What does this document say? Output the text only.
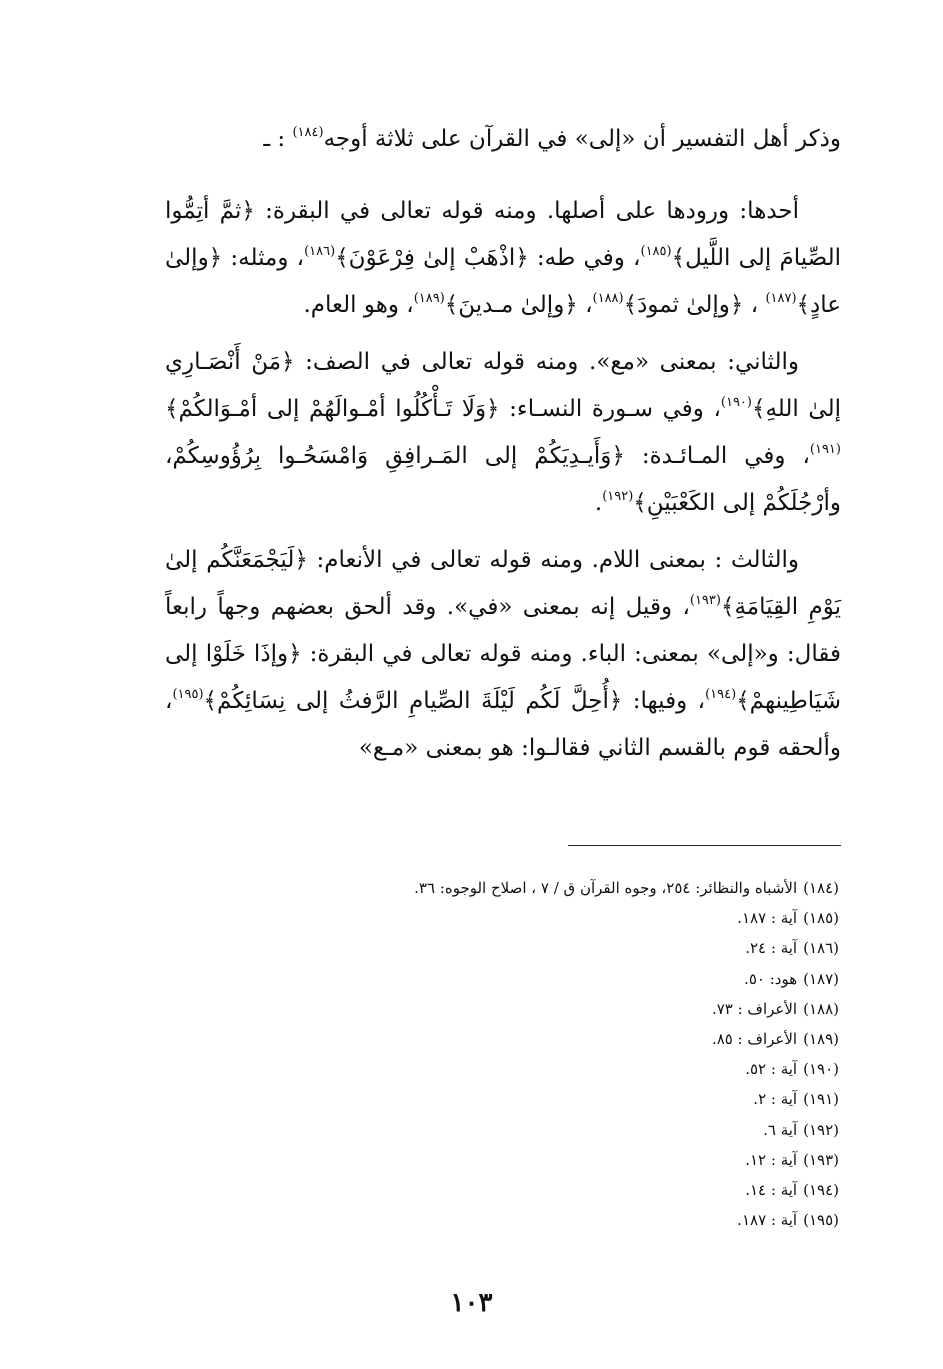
وذكر أهل التفسير أن «إلى» في القرآن على ثلاثة أوجه$^{(١٨٤)}$ : ـ

أحدها: ورودها على أصلها. ومنه قوله تعالى في البقرة: ﴿ثمَّ أتِمُّوا الصِّيامَ إلى اللَّيل﴾$^{(١٨٥)}$، وفي طه: ﴿اذْهَبْ إلىٰ فِرْعَوْنَ﴾$^{(١٨٦)}$، ومثله: ﴿وإلىٰ عادٍ﴾$^{(١٨٧)}$ ، ﴿وإلىٰ ثمودَ﴾$^{(١٨٨)}$، ﴿وإلىٰ مـدينَ﴾$^{(١٨٩)}$، وهو العام.

والثاني: بمعنى «مع». ومنه قوله تعالى في الصف: ﴿مَنْ أَنْصَـارِي إلىٰ اللهِ﴾$^{(١٩٠)}$، وفي سـورة النسـاء: ﴿وَلَا تَـأْكُلُوا أمْـوالَهُمْ إلى أمْـوَالكُمْ﴾$^{(١٩١)}$، وفي المـائـدة: ﴿وَأَيـدِيَكُمْ إلى المَـرافِقِ وَامْسَحُـوا بِرُؤُوسِكُمْ، وأرْجُلَكُمْ إلى الكَعْبَيْنِ﴾$^{(١٩٢)}$.

والثالث : بمعنى اللام. ومنه قوله تعالى في الأنعام: ﴿لَيَجْمَعَنَّكُم إلىٰ يَوْمِ القِيَامَةِ﴾$^{(١٩٣)}$، وقيل إنه بمعنى «في». وقد ألحق بعضهم وجهاً رابعاً فقال: و«إلى» بمعنى: الباء. ومنه قوله تعالى في البقرة: ﴿وإذَا خَلَوْا إلى شَيَاطِينهمْ﴾$^{(١٩٤)}$، وفيها: ﴿أُحِلَّ لَكُم لَيْلَةَ الصِّيامِ الرَّفثُ إلى نِسَائِكُمْ﴾$^{(١٩٥)}$، وألحقه قوم بالقسم الثاني فقالـوا: هو بمعنى «مـع»

(١٨٤)الأشباه والنظائر: ٢٥٤، وجوه القرآن ق / ٧ ، اصلاح الوجوه: ٣٦.
(١٨٥)آية : ١٨٧.
(١٨٦)آية : ٢٤.
(١٨٧)هود: ٥٠.
(١٨٨)الأعراف : ٧٣.
(١٨٩)الأعراف : ٨٥.
(١٩٠)آية : ٥٢.
(١٩١)آية : ٢.
(١٩٢)آية ٦.
(١٩٣)آية : ١٢.
(١٩٤)آية : ١٤.
(١٩٥)آية : ١٨٧.
١٠٣
